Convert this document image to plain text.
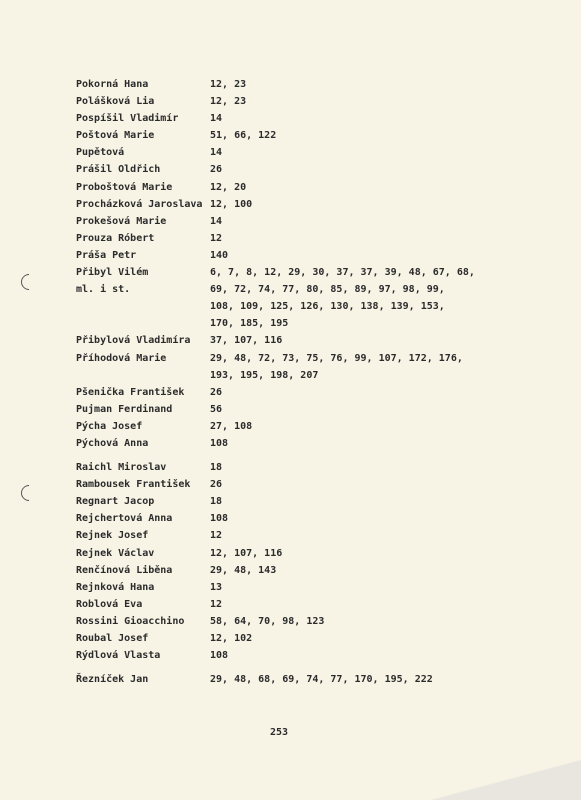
Pokorná Hana	12, 23
Polášková Lia	12, 23
Pospíšil Vladimír	14
Poštová Marie	51, 66, 122
Pupětová	14
Prášil Oldřich	26
Proboštová Marie	12, 20
Procházková Jaroslava 12, 100
Prokešová Marie	14
Prouza Róbert	12
Práša Petr	140
Přibyl Vilém	6, 7, 8, 12, 29, 30, 37, 37, 39, 48, 67, 68,
ml. i st.	69, 72, 74, 77, 80, 85, 89, 97, 98, 99,
108, 109, 125, 126, 130, 138, 139, 153,
170, 185, 195
Přibylová Vladimíra	37, 107, 116
Příhodová Marie	29, 48, 72, 73, 75, 76, 99, 107, 172, 176,
193, 195, 198, 207
Pšenička František	26
Pujman Ferdinand	56
Pýcha Josef	27, 108
Pýchová Anna	108
Raichl Miroslav	18
Rambousek František	26
Regnart Jacop	18
Rejchertová Anna	108
Rejnek Josef	12
Rejnek Václav	12, 107, 116
Renčínová Liběna	29, 48, 143
Rejnková Hana	13
Roblová Eva	12
Rossini Gioacchino	58, 64, 70, 98, 123
Roubal Josef	12, 102
Rýdlová Vlasta	108
Řezníček Jan	29, 48, 68, 69, 74, 77, 170, 195, 222
253
